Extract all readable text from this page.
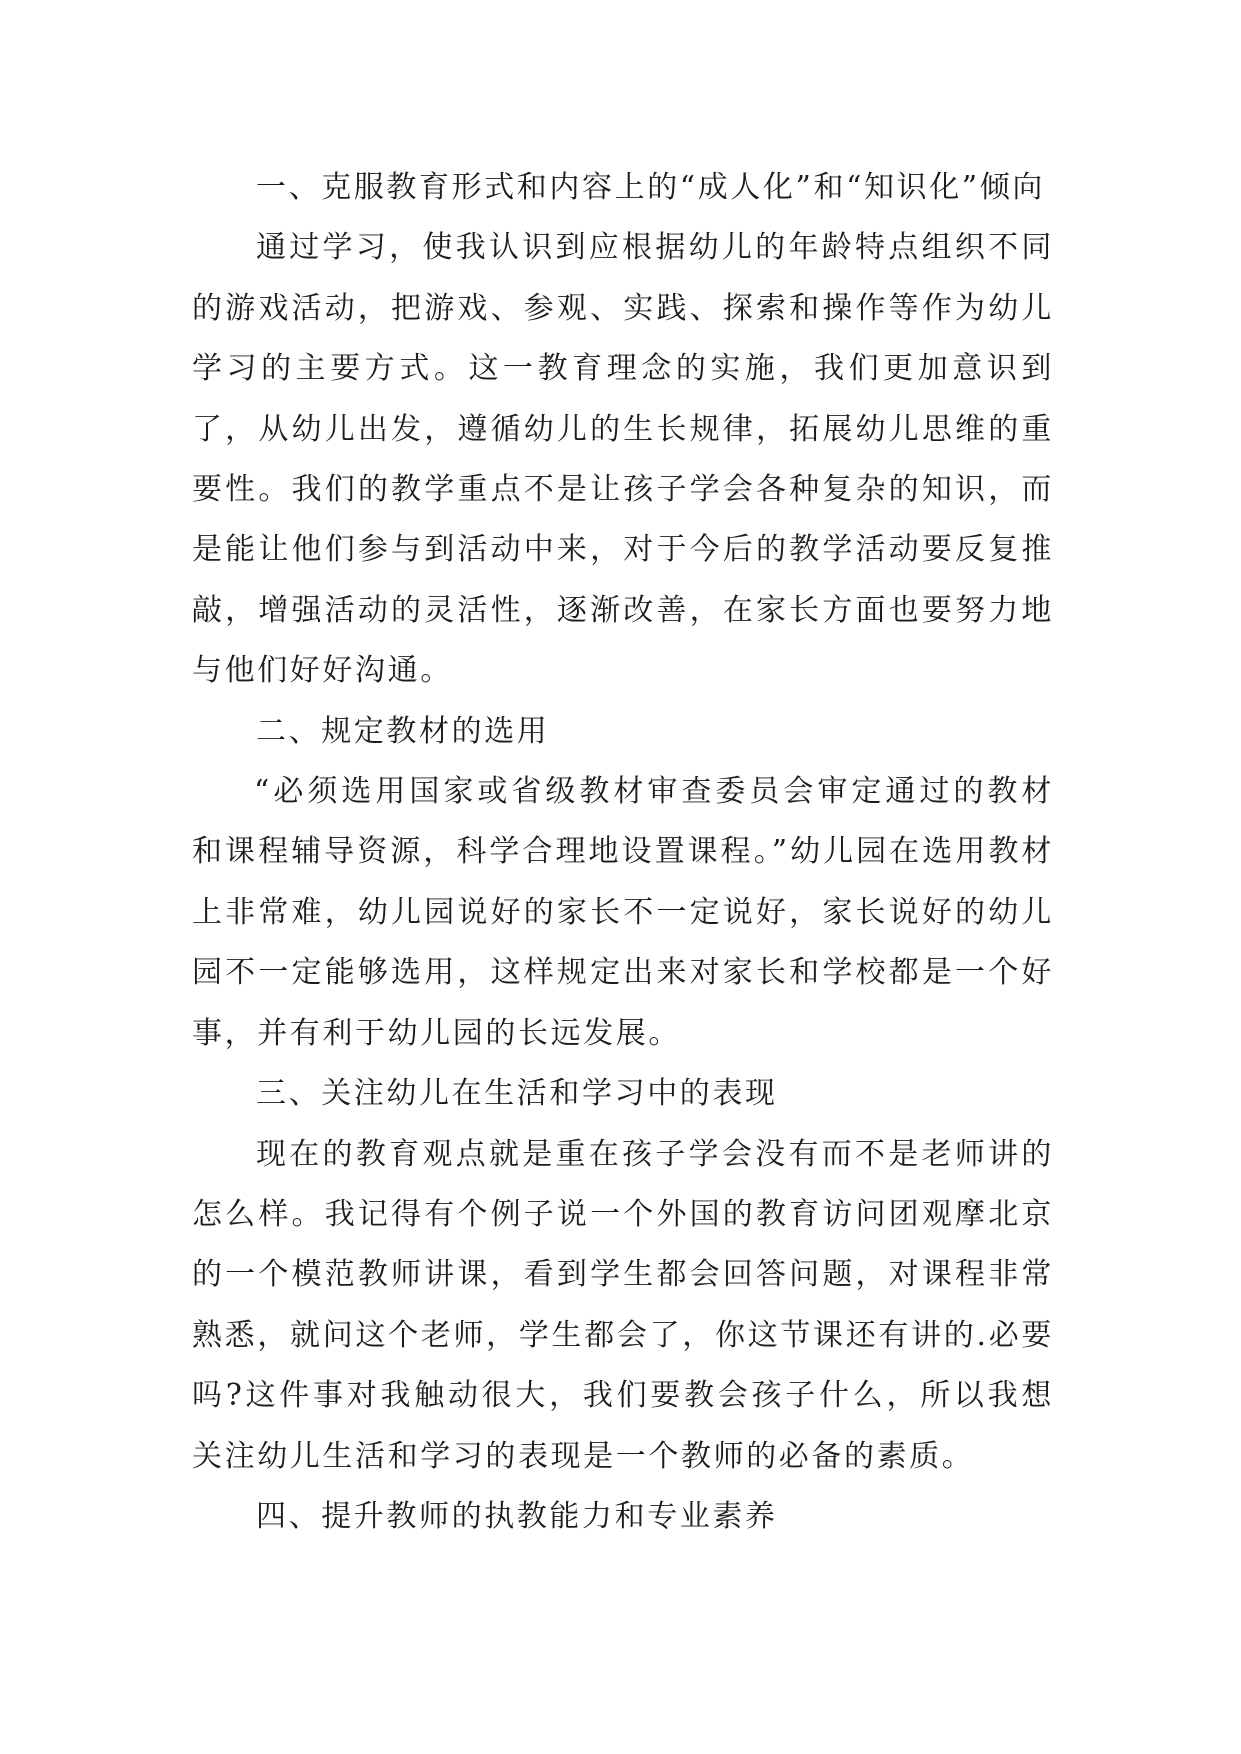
一、克服教育形式和内容上的“成人化”和“知识化”倾向

通过学习，使我认识到应根据幼儿的年龄特点组织不同的游戏活动，把游戏、参观、实践、探索和操作等作为幼儿学习的主要方式。这一教育理念的实施，我们更加意识到了，从幼儿出发，遵循幼儿的生长规律，拓展幼儿思维的重要性。我们的教学重点不是让孩子学会各种复杂的知识，而是能让他们参与到活动中来，对于今后的教学活动要反复推敲，增强活动的灵活性，逐渐改善，在家长方面也要努力地与他们好好沟通。

二、规定教材的选用

“必须选用国家或省级教材审查委员会审定通过的教材和课程辅导资源，科学合理地设置课程。”幼儿园在选用教材上非常难，幼儿园说好的家长不一定说好，家长说好的幼儿园不一定能够选用，这样规定出来对家长和学校都是一个好事，并有利于幼儿园的长远发展。

三、关注幼儿在生活和学习中的表现

现在的教育观点就是重在孩子学会没有而不是老师讲的怎么样。我记得有个例子说一个外国的教育访问团观摩北京的一个模范教师讲课，看到学生都会回答问题，对课程非常熟悉，就问这个老师，学生都会了，你这节课还有讲的.必要吗?这件事对我触动很大，我们要教会孩子什么，所以我想关注幼儿生活和学习的表现是一个教师的必备的素质。

四、提升教师的执教能力和专业素养
